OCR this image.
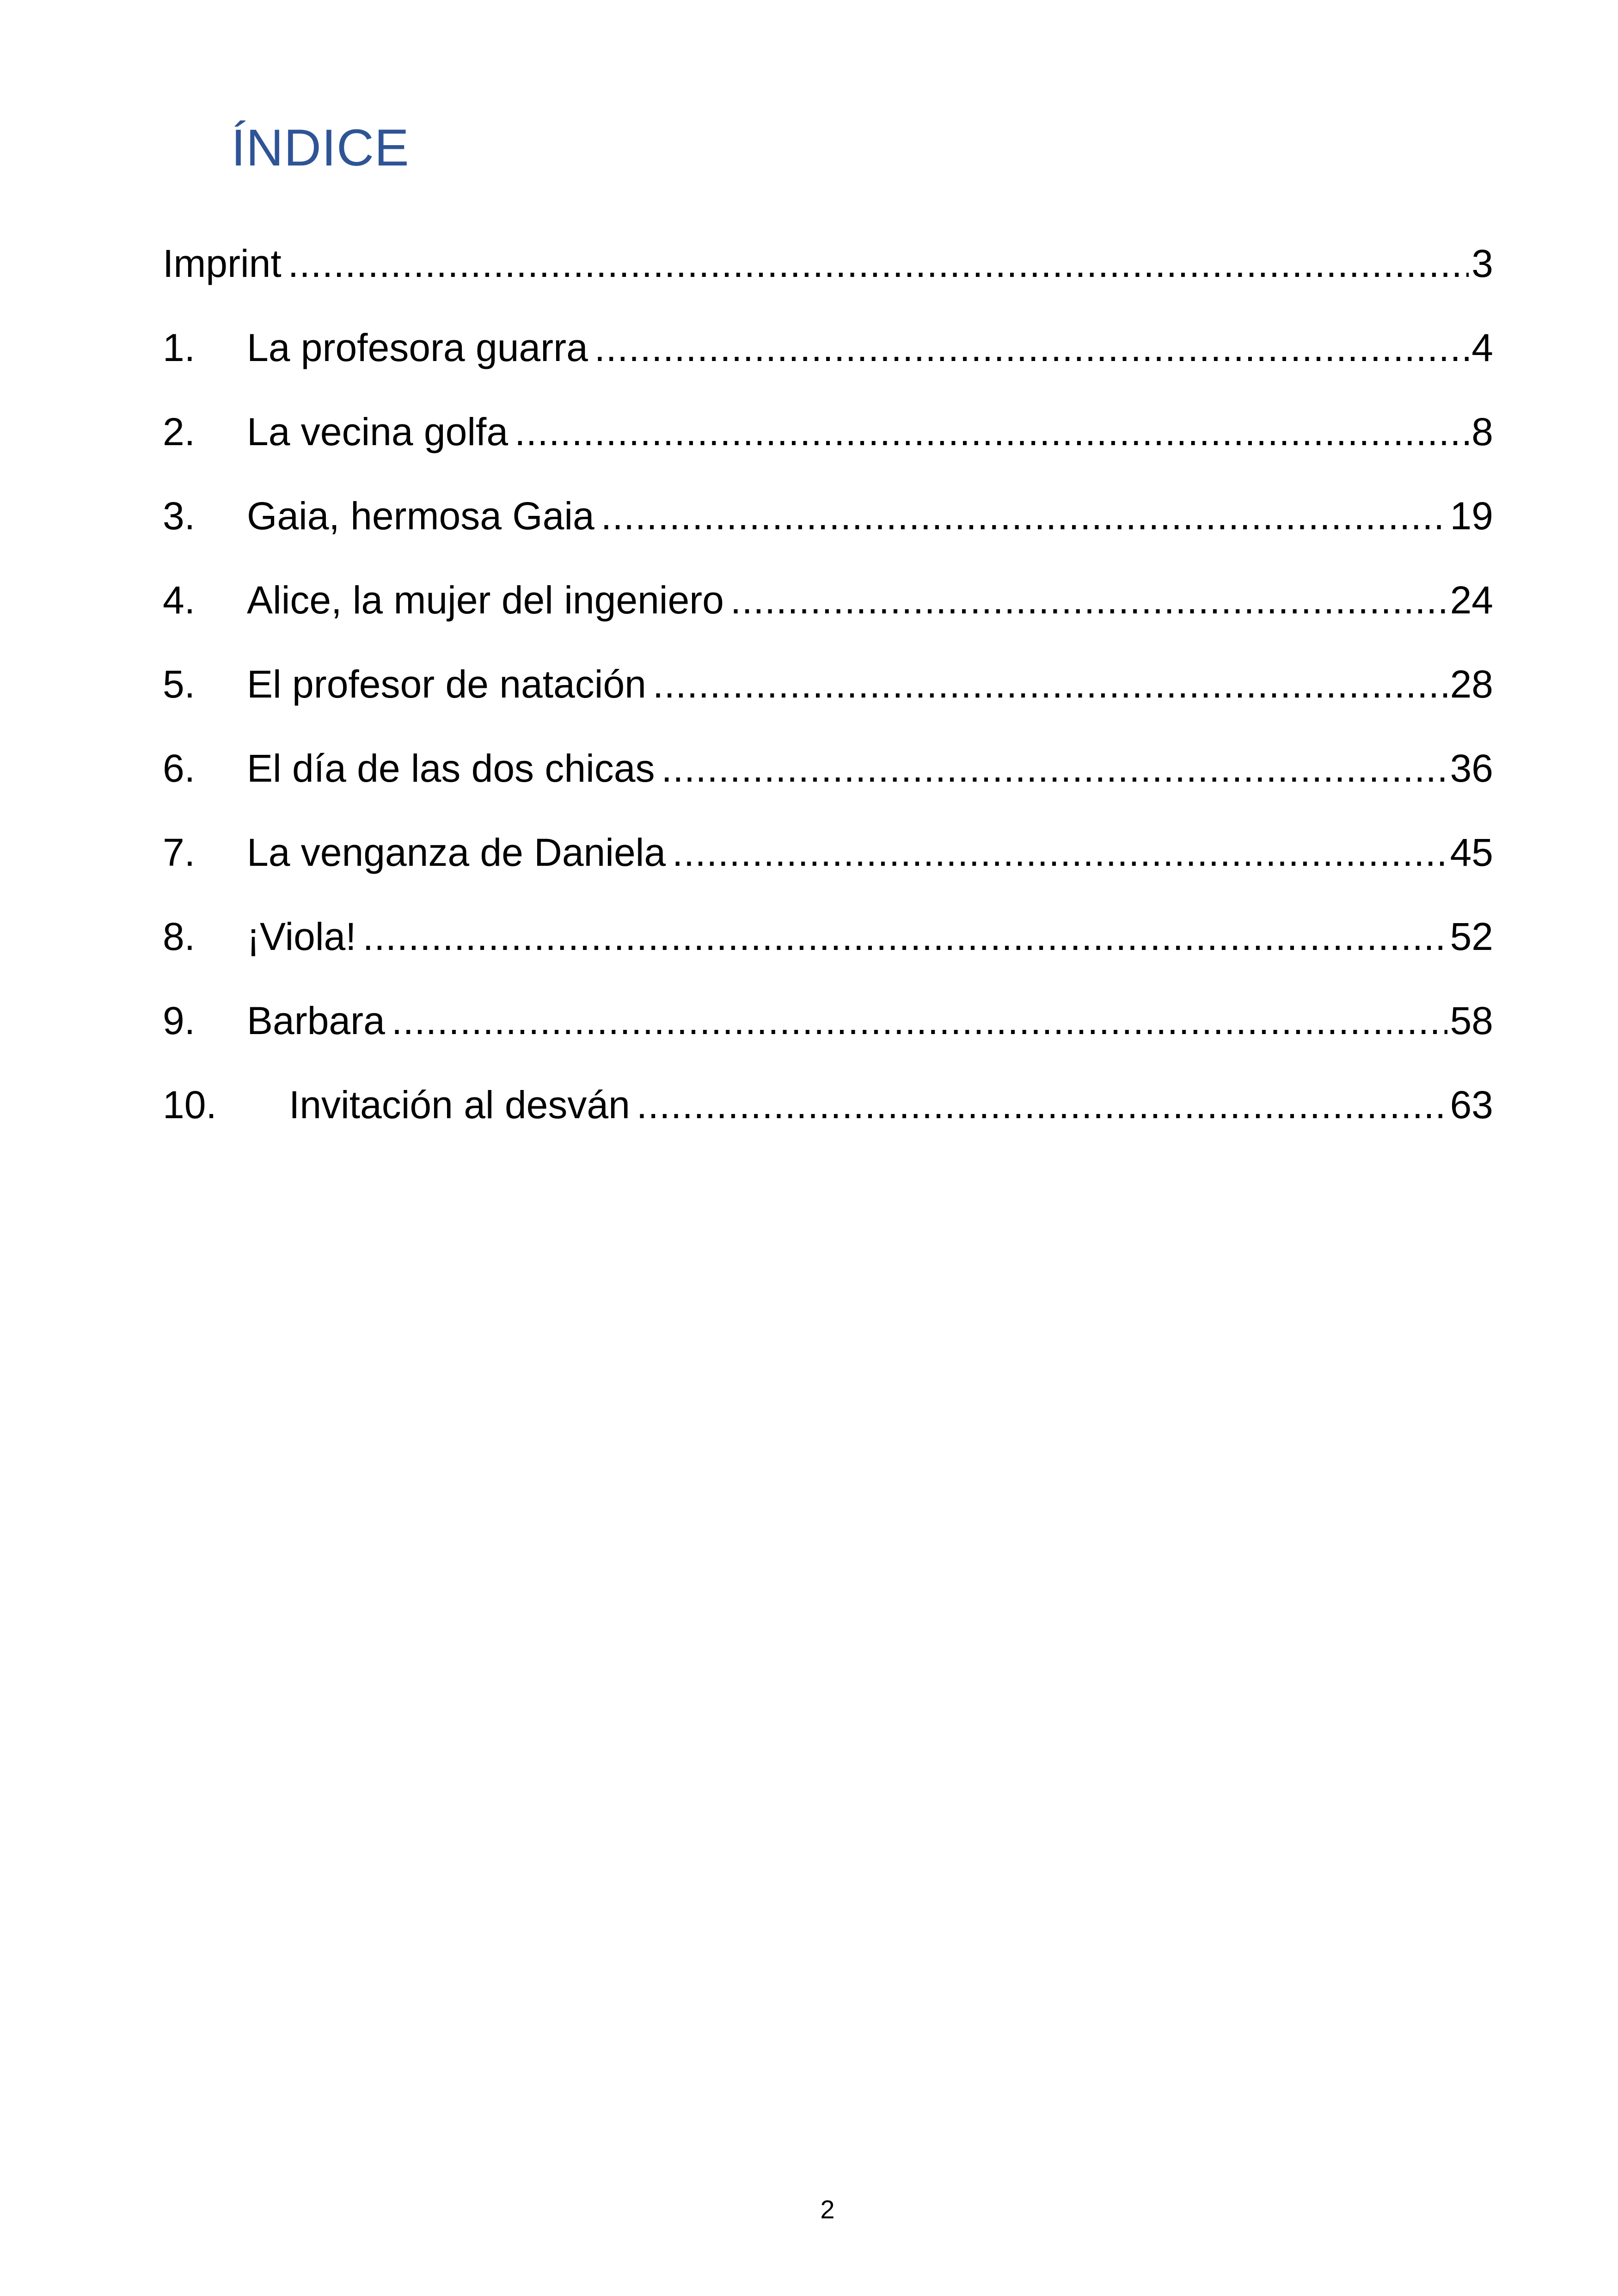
ÍNDICE
Imprint . . .	3
1.	La profesora guarra . . .	4
2.	La vecina golfa . . .	8
3.	Gaia, hermosa Gaia . . .	19
4.	Alice, la mujer del ingeniero . . .	24
5.	El profesor de natación . . .	28
6.	El día de las dos chicas . . .	36
7.	La venganza de Daniela . . .	45
8.	¡Viola! . . .	52
9.	Barbara . . .	58
10.	Invitación al desván . . .	63
2
